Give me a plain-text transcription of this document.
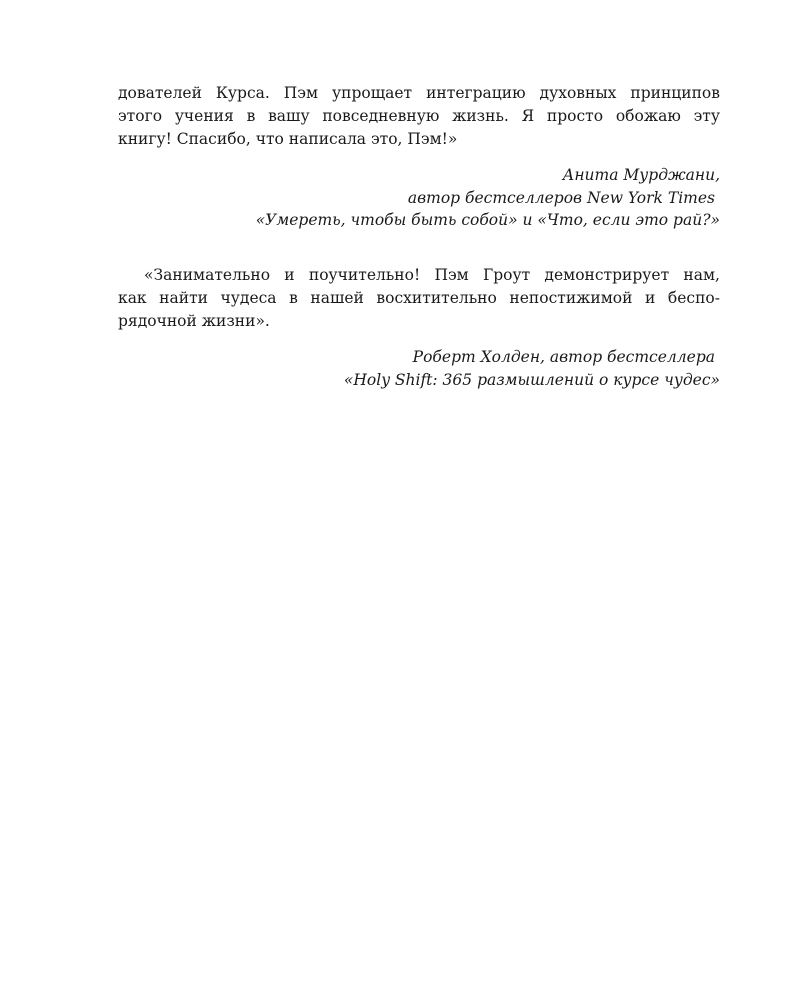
дователей Курса. Пэм упрощает интеграцию духовных принципов

этого учения в вашу повседневную жизнь. Я просто обожаю эту

книгу! Спасибо, что написала это, Пэм!»

Анита Мурджани,

автор бестселлеров New York Times

«Умереть, чтобы быть собой» и «Что, если это рай?»

«Занимательно и поучительно! Пэм Гроут демонстрирует нам,

как найти чудеса в нашей восхитительно непостижимой и беспо-

рядочной жизни».

Роберт Холден, автор бестселлера

«Holy Shift: 365 размышлений о курсе чудес»
